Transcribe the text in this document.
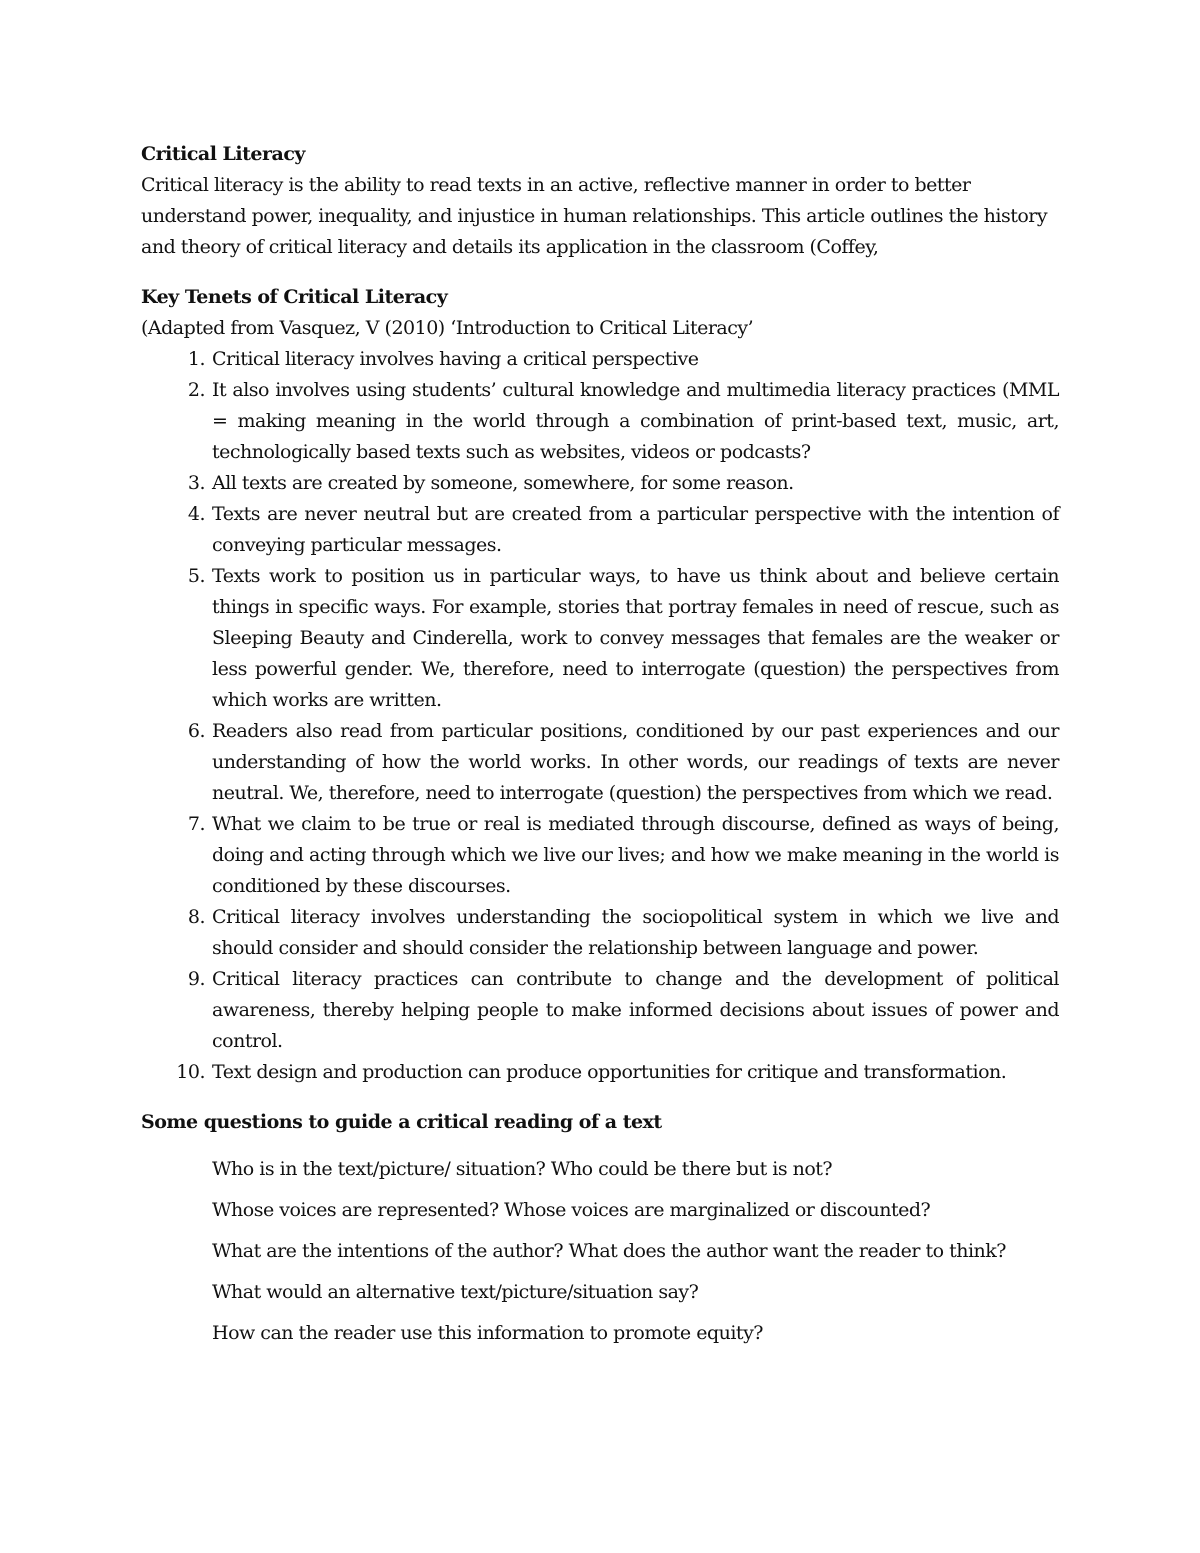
Critical Literacy

Critical literacy is the ability to read texts in an active, reflective manner in order to better understand power, inequality, and injustice in human relationships. This article outlines the history and theory of critical literacy and details its application in the classroom (Coffey,

Key Tenets of Critical Literacy

(Adapted from Vasquez, V (2010) ‘Introduction to Critical Literacy’

1. Critical literacy involves having a critical perspective
2. It also involves using students’ cultural knowledge and multimedia literacy practices (MML = making meaning in the world through a combination of print-based text, music, art, technologically based texts such as websites, videos or podcasts?
3. All texts are created by someone, somewhere, for some reason.
4. Texts are never neutral but are created from a particular perspective with the intention of conveying particular messages.
5. Texts work to position us in particular ways, to have us think about and believe certain things in specific ways. For example, stories that portray females in need of rescue, such as Sleeping Beauty and Cinderella, work to convey messages that females are the weaker or less powerful gender. We, therefore, need to interrogate (question) the perspectives from which works are written.
6. Readers also read from particular positions, conditioned by our past experiences and our understanding of how the world works. In other words, our readings of texts are never neutral. We, therefore, need to interrogate (question) the perspectives from which we read.
7. What we claim to be true or real is mediated through discourse, defined as ways of being, doing and acting through which we live our lives; and how we make meaning in the world is conditioned by these discourses.
8. Critical literacy involves understanding the sociopolitical system in which we live and should consider and should consider the relationship between language and power.
9. Critical literacy practices can contribute to change and the development of political awareness, thereby helping people to make informed decisions about issues of power and control.
10. Text design and production can produce opportunities for critique and transformation.

Some questions to guide a critical reading of a text

Who is in the text/picture/ situation? Who could be there but is not?
Whose voices are represented? Whose voices are marginalized or discounted?
What are the intentions of the author? What does the author want the reader to think?
What would an alternative text/picture/situation say?
How can the reader use this information to promote equity?
